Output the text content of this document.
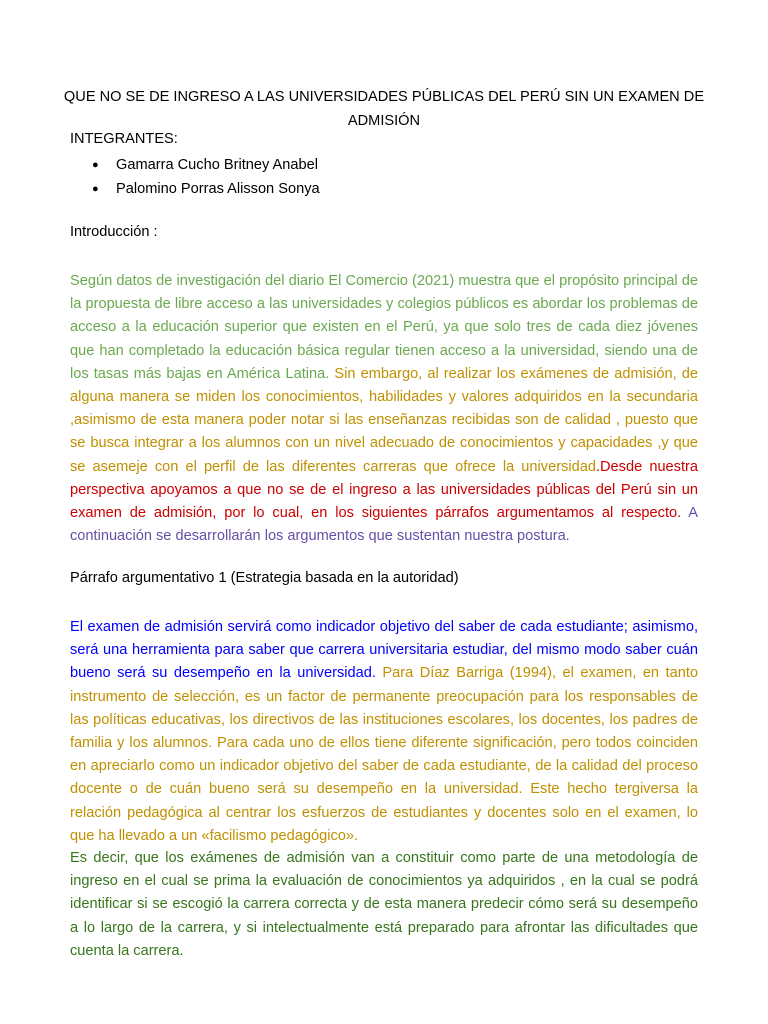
QUE NO SE DE INGRESO A LAS UNIVERSIDADES PÚBLICAS DEL PERÚ SIN UN EXAMEN DE ADMISIÓN
INTEGRANTES:
● Gamarra Cucho Britney Anabel
● Palomino Porras Alisson Sonya
Introducción :
Según datos de investigación del diario El Comercio (2021) muestra que el propósito principal de la propuesta de libre acceso a las universidades y colegios públicos es abordar los problemas de acceso a la educación superior que existen en el Perú, ya que solo tres de cada diez jóvenes que han completado la educación básica regular tienen acceso a la universidad, siendo una de los tasas más bajas en América Latina. Sin embargo, al realizar los exámenes de admisión, de alguna manera se miden los conocimientos, habilidades y valores adquiridos en la secundaria ,asimismo de esta manera poder notar si las enseñanzas recibidas son de calidad , puesto que se busca integrar a los alumnos con un nivel adecuado de conocimientos y capacidades ,y que se asemeje con el perfil de las diferentes carreras que ofrece la universidad.Desde nuestra perspectiva apoyamos a que no se de el ingreso a las universidades públicas del Perú sin un examen de admisión, por lo cual, en los siguientes párrafos argumentamos al respecto. A continuación se desarrollarán los argumentos que sustentan nuestra postura.
Párrafo argumentativo 1 (Estrategia basada en la autoridad)
El examen de admisión servirá como indicador objetivo del saber de cada estudiante; asimismo, será una herramienta para saber que carrera universitaria estudiar, del mismo modo saber cuán bueno será su desempeño en la universidad. Para Díaz Barriga (1994), el examen, en tanto instrumento de selección, es un factor de permanente preocupación para los responsables de las políticas educativas, los directivos de las instituciones escolares, los docentes, los padres de familia y los alumnos. Para cada uno de ellos tiene diferente significación, pero todos coinciden en apreciarlo como un indicador objetivo del saber de cada estudiante, de la calidad del proceso docente o de cuán bueno será su desempeño en la universidad. Este hecho tergiversa la relación pedagógica al centrar los esfuerzos de estudiantes y docentes solo en el examen, lo que ha llevado a un «facilismo pedagógico».
Es decir, que los exámenes de admisión van a constituir como parte de una metodología de ingreso en el cual se prima la evaluación de conocimientos ya adquiridos , en la cual se podrá identificar si se escogió la carrera correcta y de esta manera predecir cómo será su desempeño a lo largo de la carrera, y si intelectualmente está preparado para afrontar las dificultades que cuenta la carrera.
